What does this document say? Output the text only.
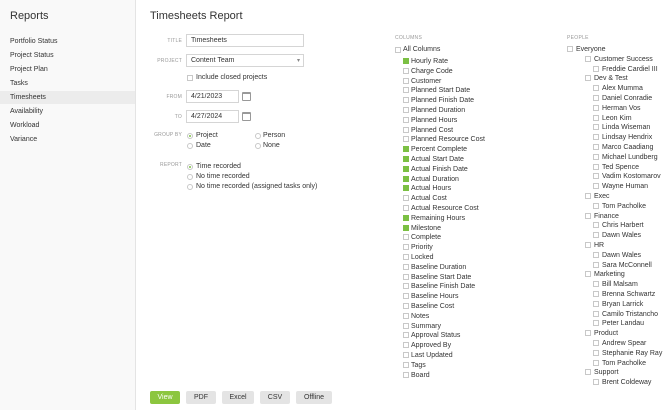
Reports
Portfolio Status
Project Status
Project Plan
Tasks
Timesheets
Availability
Workload
Variance
Timesheets Report
TITLE
Timesheets
PROJECT	Content Team	▾
Include closed projects
FROM
4/21/2023
TO
4/27/2024
GROUP BY Project	Person
Date	None
REPORT Time recorded
No time recorded
No time recorded (assigned tasks only)
COLUMNS
All Columns
Hourly Rate
Charge Code
Customer
Planned Start Date
Planned Finish Date
Planned Duration
Planned Hours
Planned Cost
Planned Resource Cost
Percent Complete
Actual Start Date
Actual Finish Date
Actual Duration
Actual Hours
Actual Cost
Actual Resource Cost
Remaining Hours
Milestone
Complete
Priority
Locked
Baseline Duration
Baseline Start Date
Baseline Finish Date
Baseline Hours
Baseline Cost
Notes
Summary
Approval Status
Approved By
Last Updated
Tags
Board
PEOPLE
Everyone
Customer Success
Freddie Cardiel III
Dev & Test
Alex Mumma
Daniel Conradie
Herman Vos
Leon Kim
Linda Wiseman
Lindsay Hendrix
Marco Caadiang
Michael Lundberg
Ted Spence
Vadim Kostomarov
Wayne Human
Exec
Tom Pacholke
Finance
Chris Harbert
Dawn Wales
HR
Dawn Wales
Sara McConnell
Marketing
Bill Malsam
Brenna Schwartz
Bryan Larrick
Camilo Tristancho
Peter Landau
Product
Andrew Spear
Stephanie Ray Ray
Tom Pacholke
Support
Brent Coldeway
View	PDF	Excel	CSV	Offline
